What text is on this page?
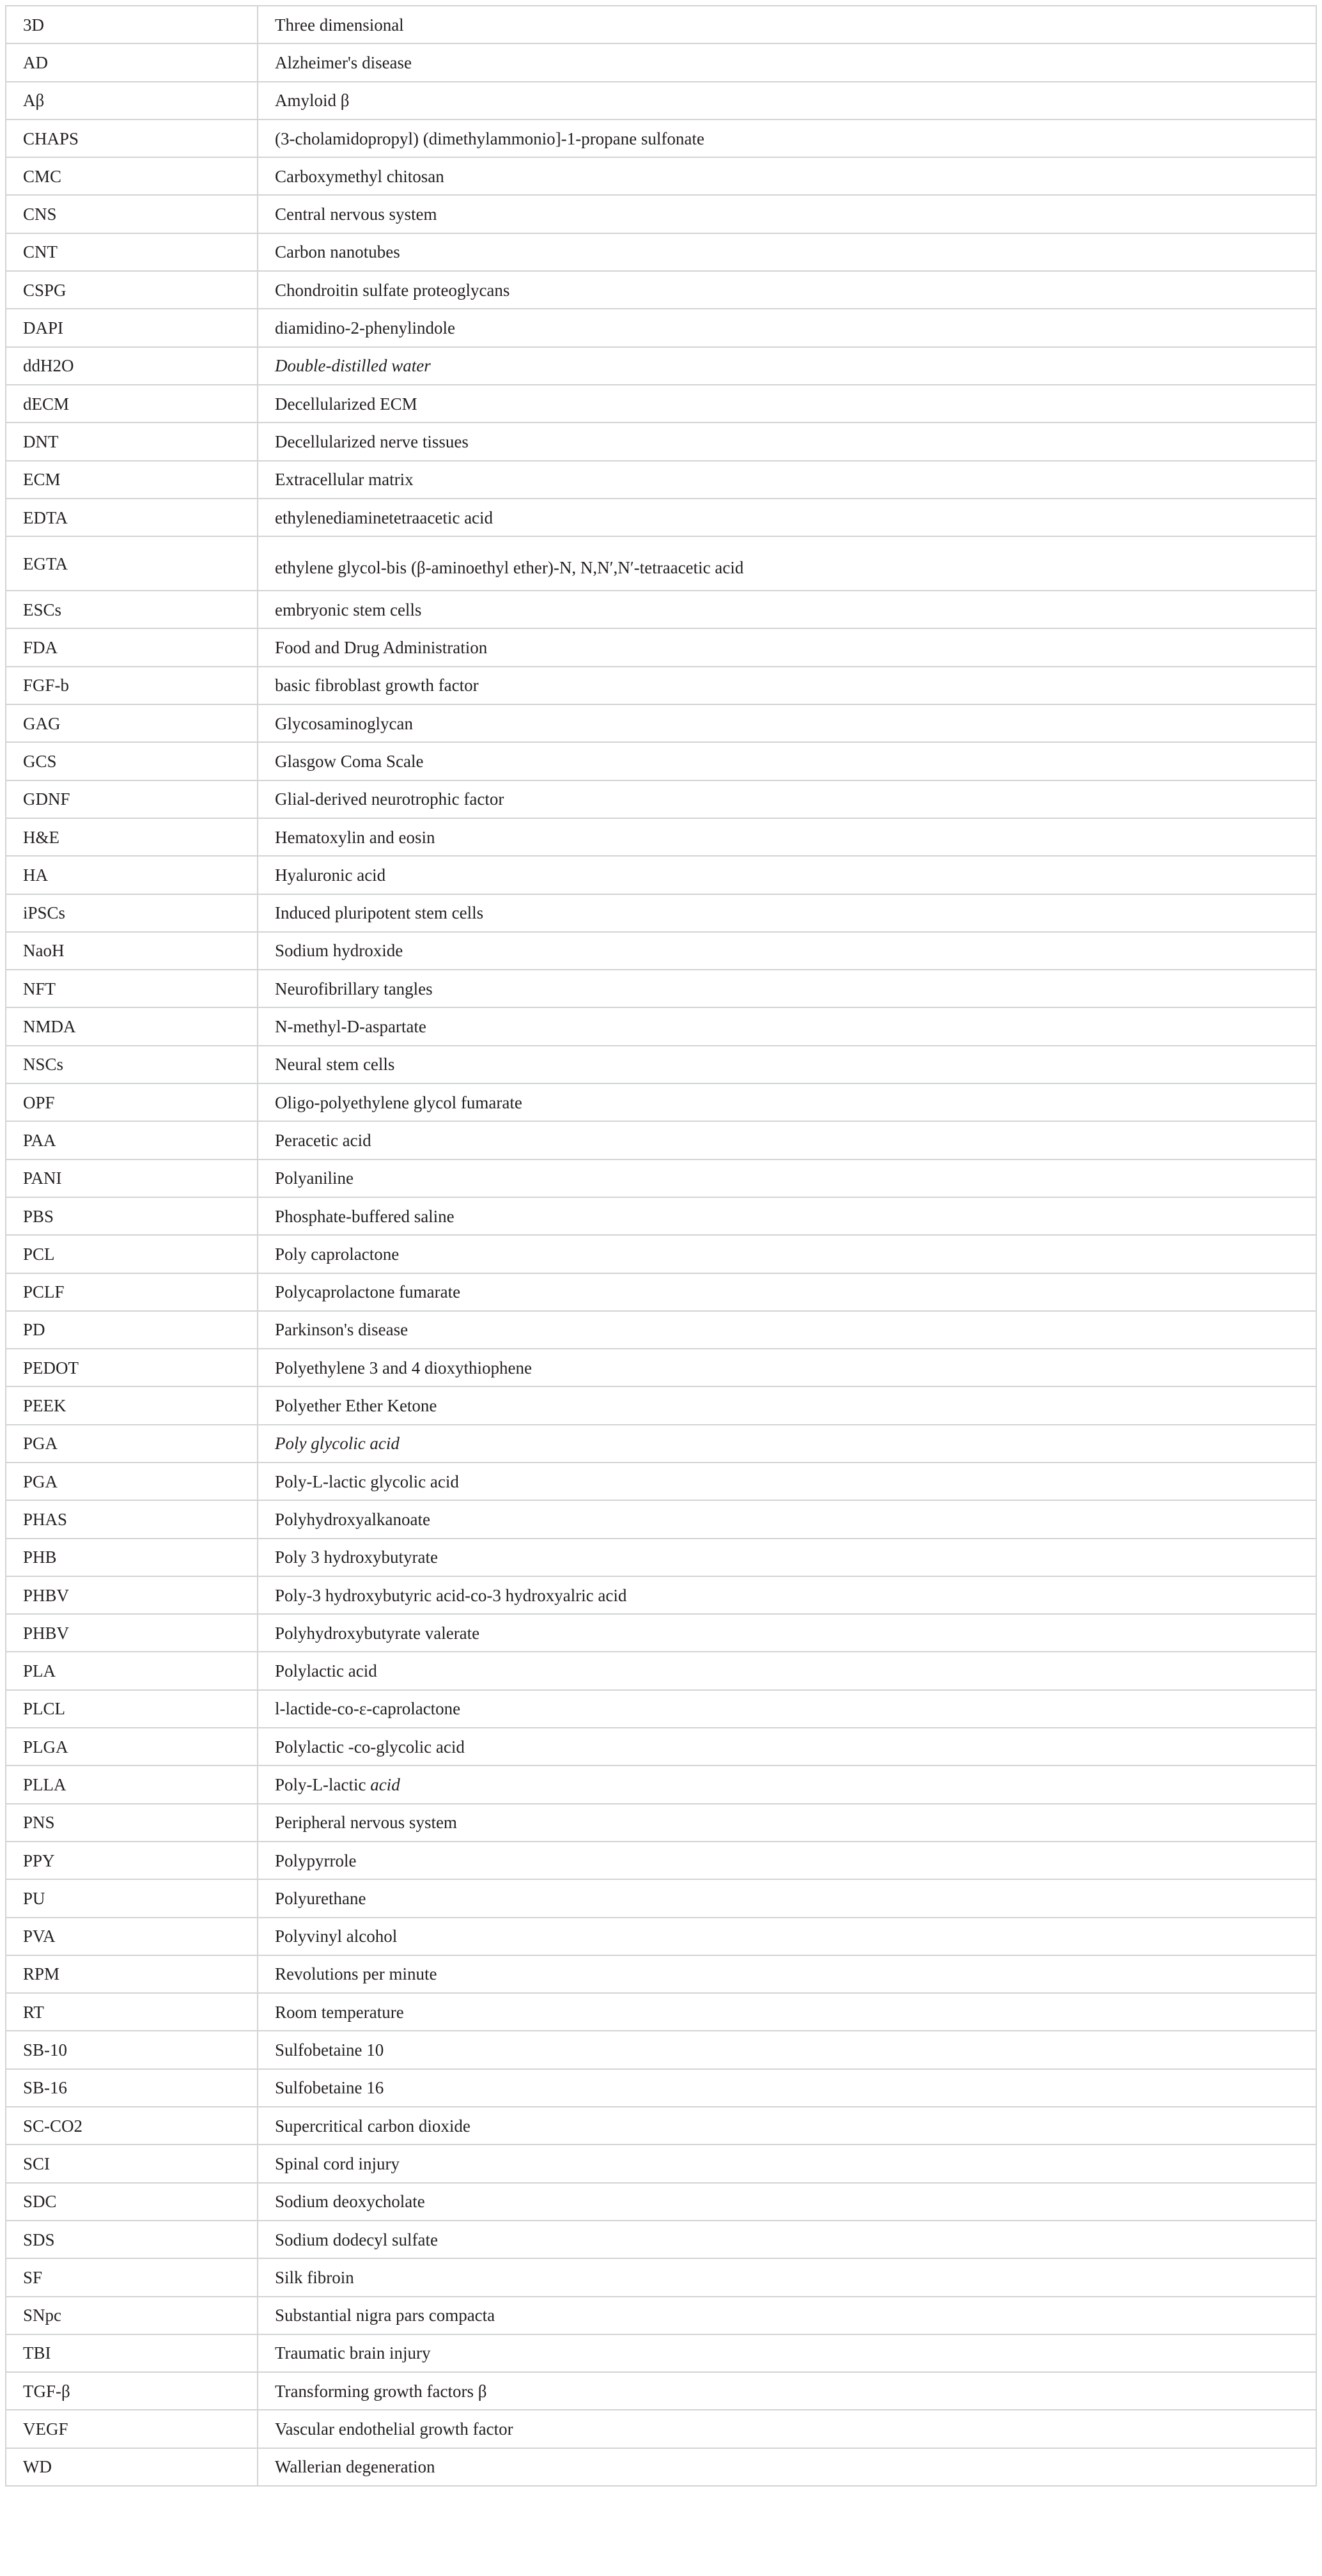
3D	Three dimensional
AD	Alzheimer's disease
Aβ	Amyloid β
CHAPS	(3-cholamidopropyl) (dimethylammonio]-1-propane sulfonate
CMC	Carboxymethyl chitosan
CNS	Central nervous system
CNT	Carbon nanotubes
CSPG	Chondroitin sulfate proteoglycans
DAPI	diamidino-2-phenylindole
ddH2O	Double-distilled water
dECM	Decellularized ECM
DNT	Decellularized nerve tissues
ECM	Extracellular matrix
EDTA	ethylenediaminetetraacetic acid
EGTA	ethylene glycol-bis (β-aminoethyl ether)-N, N,N′,N′-tetraacetic acid
ESCs	embryonic stem cells
FDA	Food and Drug Administration
FGF-b	basic fibroblast growth factor
GAG	Glycosaminoglycan
GCS	Glasgow Coma Scale
GDNF	Glial-derived neurotrophic factor
H&E	Hematoxylin and eosin
HA	Hyaluronic acid
iPSCs	Induced pluripotent stem cells
NaoH	Sodium hydroxide
NFT	Neurofibrillary tangles
NMDA	N-methyl-D-aspartate
NSCs	Neural stem cells
OPF	Oligo-polyethylene glycol fumarate
PAA	Peracetic acid
PANI	Polyaniline
PBS	Phosphate-buffered saline
PCL	Poly caprolactone
PCLF	Polycaprolactone fumarate
PD	Parkinson's disease
PEDOT	Polyethylene 3 and 4 dioxythiophene
PEEK	Polyether Ether Ketone
PGA	Poly glycolic acid
PGA	Poly-L-lactic glycolic acid
PHAS	Polyhydroxyalkanoate
PHB	Poly 3 hydroxybutyrate
PHBV	Poly-3 hydroxybutyric acid-co-3 hydroxyalric acid
PHBV	Polyhydroxybutyrate valerate
PLA	Polylactic acid
PLCL	l-lactide-co-ε-caprolactone
PLGA	Polylactic -co-glycolic acid
PLLA	Poly-L-lactic acid
PNS	Peripheral nervous system
PPY	Polypyrrole
PU	Polyurethane
PVA	Polyvinyl alcohol
RPM	Revolutions per minute
RT	Room temperature
SB-10	Sulfobetaine 10
SB-16	Sulfobetaine 16
SC-CO2	Supercritical carbon dioxide
SCI	Spinal cord injury
SDC	Sodium deoxycholate
SDS	Sodium dodecyl sulfate
SF	Silk fibroin
SNpc	Substantial nigra pars compacta
TBI	Traumatic brain injury
TGF-β	Transforming growth factors β
VEGF	Vascular endothelial growth factor
WD	Wallerian degeneration
